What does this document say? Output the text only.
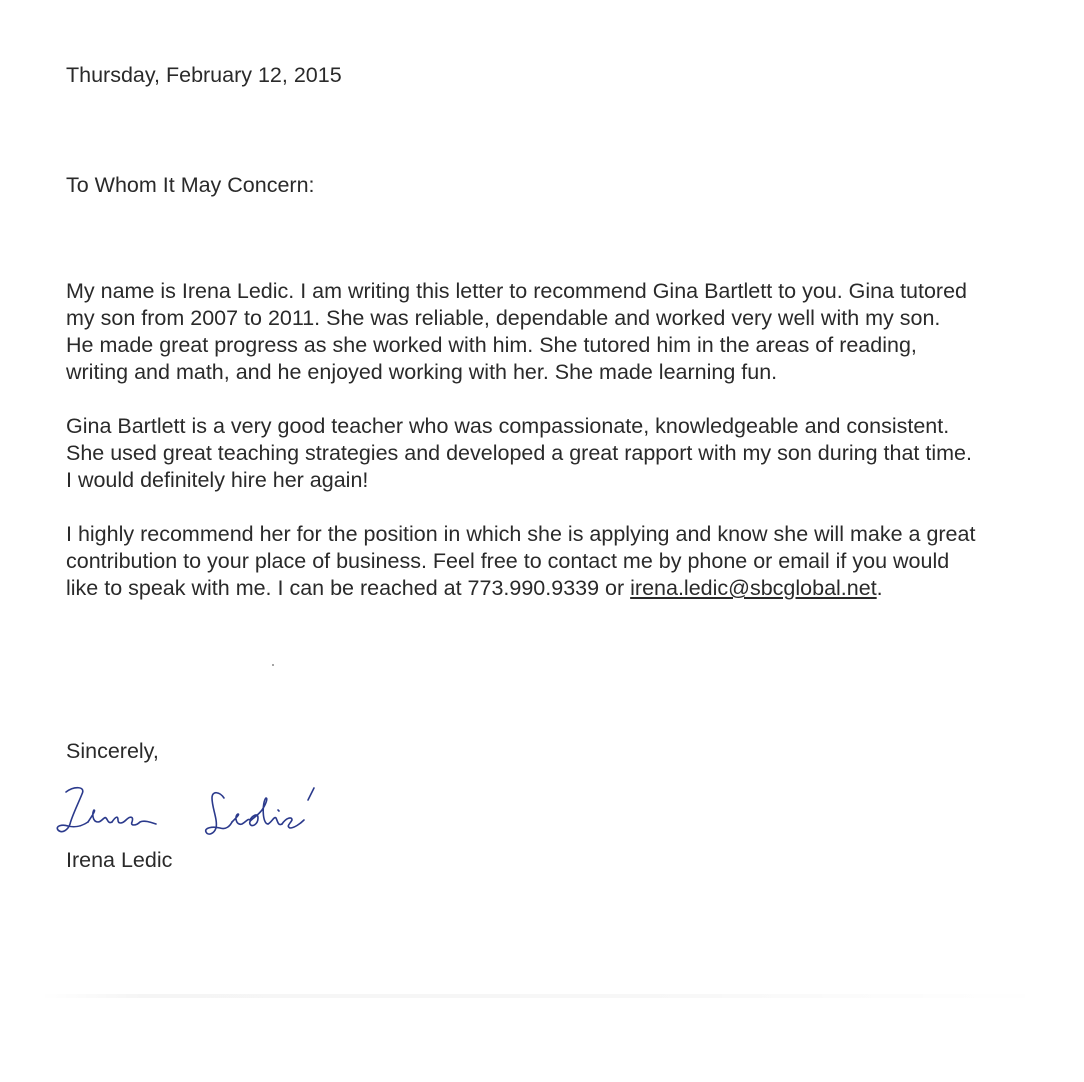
Thursday, February 12, 2015

To Whom It May Concern:

My name is Irena Ledic. I am writing this letter to recommend Gina Bartlett to you. Gina tutored
my son from 2007 to 2011. She was reliable, dependable and worked very well with my son.
He made great progress as she worked with him. She tutored him in the areas of reading,
writing and math, and he enjoyed working with her. She made learning fun.
Gina Bartlett is a very good teacher who was compassionate, knowledgeable and consistent.
She used great teaching strategies and developed a great rapport with my son during that time.
I would definitely hire her again!
I highly recommend her for the position in which she is applying and know she will make a great
contribution to your place of business. Feel free to contact me by phone or email if you would
like to speak with me. I can be reached at 773.990.9339 or irena.ledic@sbcglobal.net.

Sincerely,

Irena Ledic
